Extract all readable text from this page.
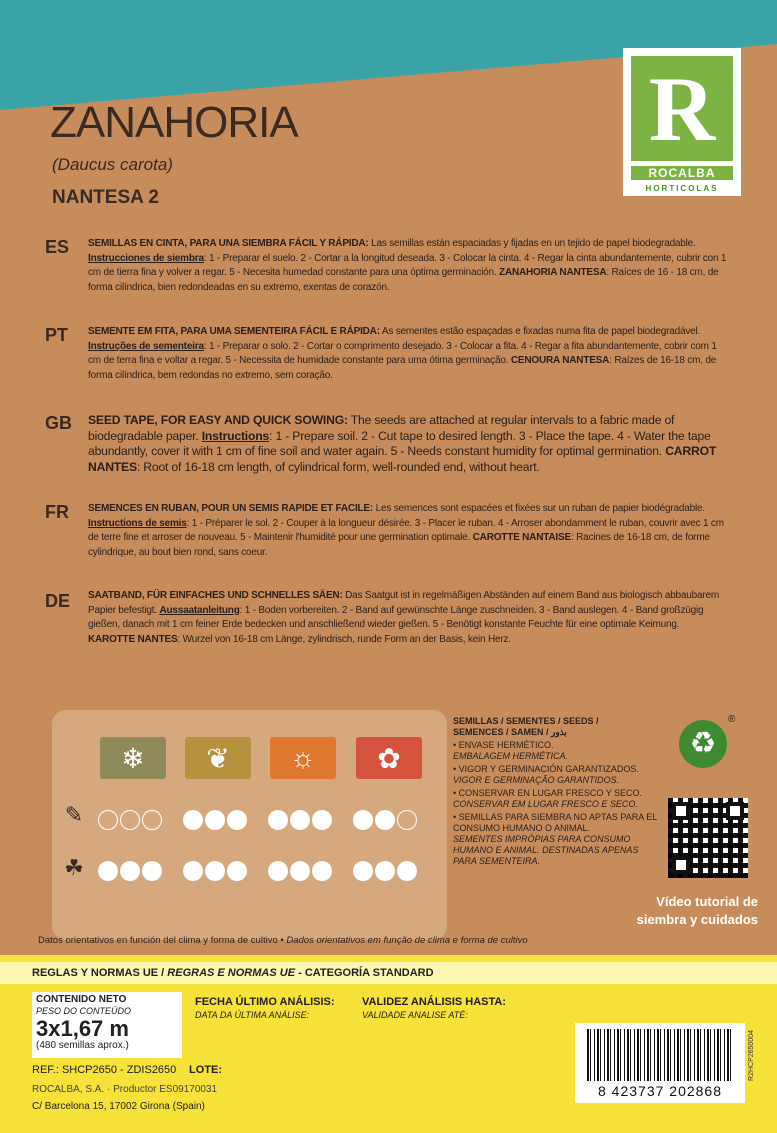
R
ROCALBA
HORTICOLAS
ZANAHORIA
(Daucus carota)
NANTESA 2
ES SEMILLAS EN CINTA, PARA UNA SIEMBRA FÁCIL Y RÁPIDA: Las semillas están espaciadas y fijadas en un tejido de papel biodegradable. Instrucciones de siembra: 1 - Preparar el suelo. 2 - Cortar a la longitud deseada. 3 - Colocar la cinta. 4 - Regar la cinta abundantemente, cubrir con 1 cm de tierra fina y volver a regar. 5 - Necesita humedad constante para una óptima germinación. ZANAHORIA NANTESA: Raíces de 16 - 18 cm, de forma cilíndrica, bien redondeadas en su extremo, exentas de corazón.
PT SEMENTE EM FITA, PARA UMA SEMENTEIRA FÁCIL E RÁPIDA: As sementes estão espaçadas e fixadas numa fita de papel biodegradável. Instruções de sementeira: 1 - Preparar o solo. 2 - Cortar o comprimento desejado. 3 - Colocar a fita. 4 - Regar a fita abundantemente, cobrir com 1 cm de terra fina e voltar a regar. 5 - Necessita de humidade constante para uma ótima germinação. CENOURA NANTESA: Raízes de 16-18 cm, de forma cilíndrica, bem redondas no extremo, sem coração.
GB SEED TAPE, FOR EASY AND QUICK SOWING: The seeds are attached at regular intervals to a fabric made of biodegradable paper. Instructions: 1 - Prepare soil. 2 - Cut tape to desired length. 3 - Place the tape. 4 - Water the tape abundantly, cover it with 1 cm of fine soil and water again. 5 - Needs constant humidity for optimal germination. CARROT NANTES: Root of 16-18 cm length, of cylindrical form, well-rounded end, without heart.
FR SEMENCES EN RUBAN, POUR UN SEMIS RAPIDE ET FACILE: Les semences sont espacées et fixées sur un ruban de papier biodégradable. Instructions de semis: 1 - Préparer le sol. 2 - Couper à la longueur désirée. 3 - Placer le ruban. 4 - Arroser abondamment le ruban, couvrir avec 1 cm de terre fine et arroser de nouveau. 5 - Maintenir l'humidité pour une germination optimale. CAROTTE NANTAISE: Racines de 16-18 cm, de forme cylindrique, au bout bien rond, sans coeur.
DE SAATBAND, FÜR EINFACHES UND SCHNELLES SÄEN: Das Saatgut ist in regelmäßigen Abständen auf einem Band aus biologisch abbaubarem Papier befestigt. Aussaatanleitung: 1 - Boden vorbereiten. 2 - Band auf gewünschte Länge zuschneiden. 3 - Band auslegen. 4 - Band großzügig gießen, danach mit 1 cm feiner Erde bedecken und anschließend wieder gießen. 5 - Benötigt konstante Feuchte für eine optimale Keimung. KAROTTE NANTES: Wurzel von 16-18 cm Länge, zylindrisch, runde Form an der Basis, kein Herz.
❄ ❦ ☼ ✿
✎
☘
SEMILLAS / SEMENTES / SEEDS /
SEMENCES / SAMEN / بذور
• ENVASE HERMÉTICO.
EMBALAGEM HERMÉTICA.
• VIGOR Y GERMINACIÓN GARANTIZADOS.
VIGOR E GERMINAÇÃO GARANTIDOS.
• CONSERVAR EN LUGAR FRESCO Y SECO.
CONSERVAR EM LUGAR FRESCO E SECO.
• SEMILLAS PARA SIEMBRA NO APTAS PARA EL CONSUMO HUMANO O ANIMAL.
SEMENTES IMPRÓPIAS PARA CONSUMO HUMANO E ANIMAL. DESTINADAS APENAS PARA SEMENTEIRA.
♻
®
Vídeo tutorial de siembra y cuidados
Datos orientativos en función del clima y forma de cultivo • Dados orientativos em função de clima e forma de cultivo
REGLAS Y NORMAS UE / REGRAS E NORMAS UE - CATEGORÍA STANDARD
CONTENIDO NETO
PESO DO CONTEÚDO
3x1,67 m
(480 semillas aprox.)
FECHA ÚLTIMO ANÁLISIS:
DATA DA ÚLTIMA ANÁLISE:
VALIDEZ ANÁLISIS HASTA:
VALIDADE ANALISE ATÉ:
REF.: SHCP2650 - ZDIS2650 LOTE:
ROCALBA, S.A. · Productor ES09170031
C/ Barcelona 15, 17002 Girona (Spain)
8 423737 202868
R2HCP2650004
